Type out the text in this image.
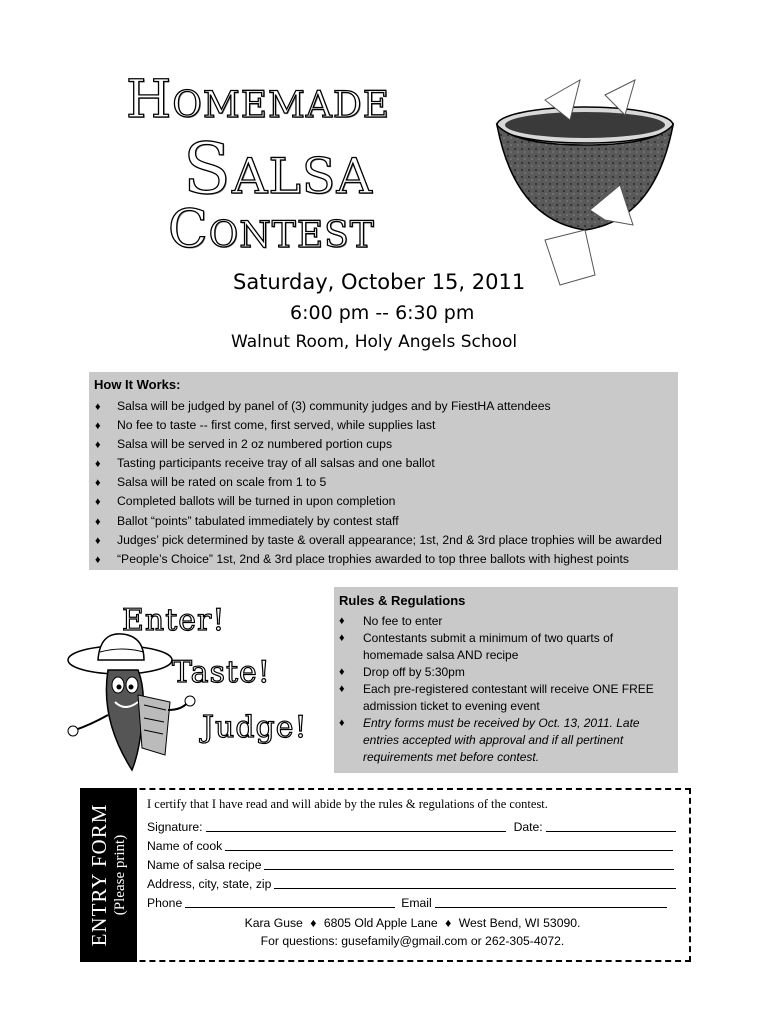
Homemade
Salsa
Contest
Saturday, October 15, 2011
6:00 pm -- 6:30 pm
Walnut Room, Holy Angels School
How It Works:
♦ Salsa will be judged by panel of (3) community judges and by FiestHA attendees
♦ No fee to taste -- first come, first served, while supplies last
♦ Salsa will be served in 2 oz numbered portion cups
♦ Tasting participants receive tray of all salsas and one ballot
♦ Salsa will be rated on scale from 1 to 5
♦ Completed ballots will be turned in upon completion
♦ Ballot “points” tabulated immediately by contest staff
♦ Judges’ pick determined by taste & overall appearance; 1st, 2nd & 3rd place trophies will be awarded
♦ “People’s Choice” 1st, 2nd & 3rd place trophies awarded to top three ballots with highest points
Enter!
Taste!
Judge!
Rules & Regulations
♦	No fee to enter
♦	Contestants submit a minimum of two quarts of homemade salsa AND recipe
♦	Drop off by 5:30pm
♦	Each pre-registered contestant will receive ONE FREE admission ticket to evening event
♦	Entry forms must be received by Oct. 13, 2011. Late entries accepted with approval and if all pertinent requirements met before contest.
ENTRY FORM (Please print)
I certify that I have read and will abide by the rules & regulations of the contest.
Signature:	Date:
Name of cook
Name of salsa recipe
Address, city, state, zip
Phone	Email
Kara Guse ♦ 6805 Old Apple Lane ♦ West Bend, WI 53090.
For questions: gusefamily@gmail.com or 262-305-4072.
